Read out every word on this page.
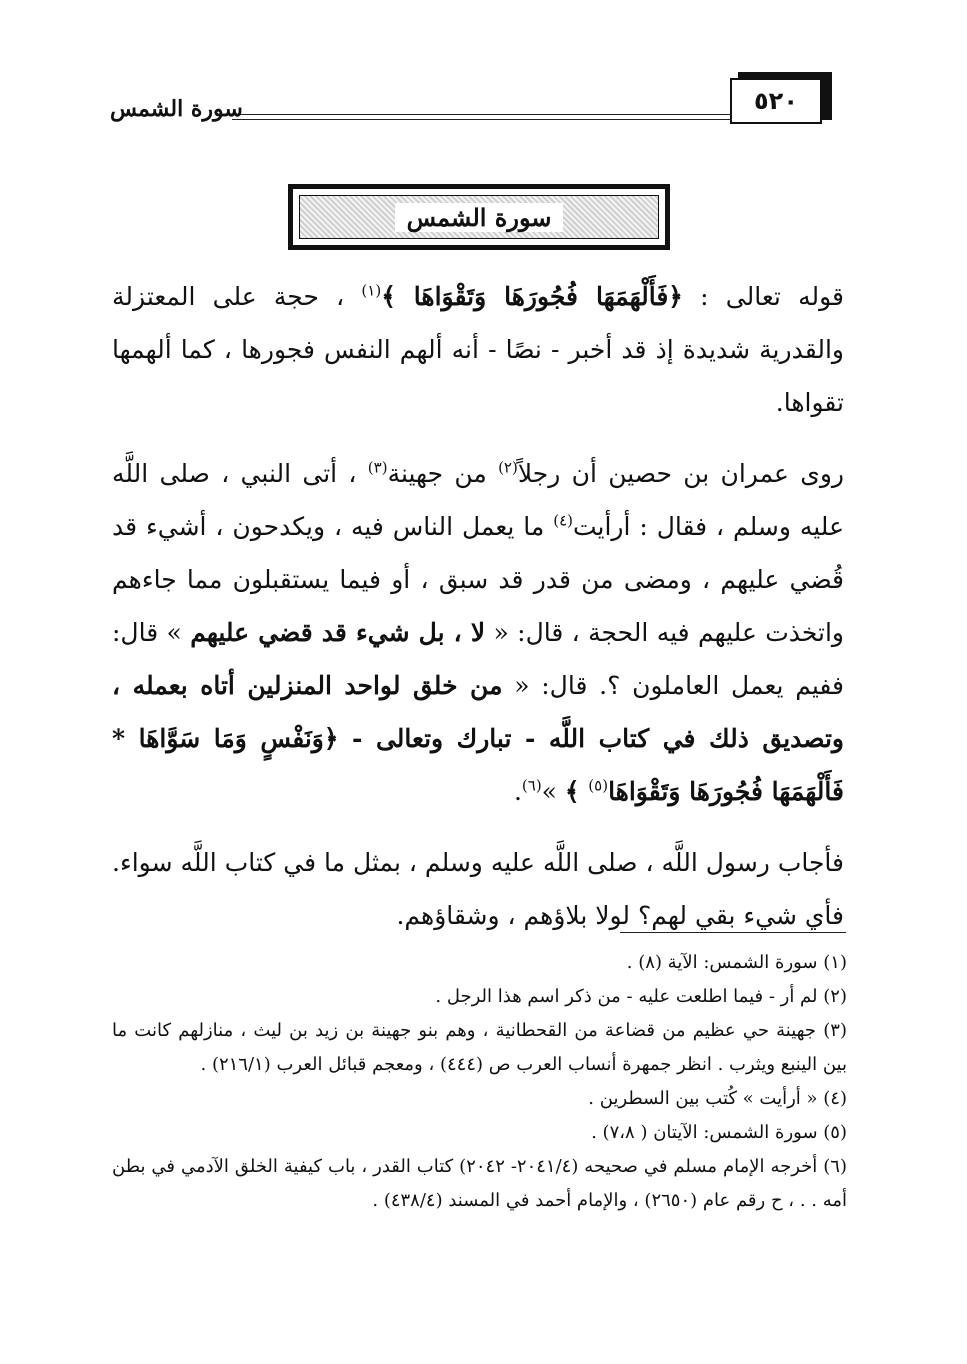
٥٢٠
سورة الشمس
سورة الشمس

قوله تعالى : ﴿فَأَلْهَمَهَا فُجُورَهَا وَتَقْوَاهَا ﴾$^{(١)}$ ، حجة على المعتزلة والقدرية شديدة إذ قد أخبر - نصًا - أنه ألهم النفس فجورها ، كما ألهمها تقواها.

روى عمران بن حصين أن رجلاً$^{(٢)}$ من جهينة$^{(٣)}$ ، أتى النبي ، صلى اللَّه عليه وسلم ، فقال : أرأيت$^{(٤)}$ ما يعمل الناس فيه ، ويكدحون ، أشيء قد قُضي عليهم ، ومضى من قدر قد سبق ، أو فيما يستقبلون مما جاءهم واتخذت عليهم فيه الحجة ، قال: « لا ، بل شيء قد قضي عليهم » قال: ففيم يعمل العاملون ؟. قال: « من خلق لواحد المنزلين أتاه بعمله ، وتصديق ذلك في كتاب اللَّه - تبارك وتعالى - ﴿وَنَفْسٍ وَمَا سَوَّاهَا * فَأَلْهَمَهَا فُجُورَهَا وَتَقْوَاهَا$^{(٥)}$ ﴾ »$^{(٦)}$.

فأجاب رسول اللَّه ، صلى اللَّه عليه وسلم ، بمثل ما في كتاب اللَّه سواء. فأي شيء بقي لهم؟ لولا بلاؤهم ، وشقاؤهم.

(١) سورة الشمس: الآية (٨) .

(٢) لم أر - فيما اطلعت عليه - من ذكر اسم هذا الرجل .

(٣) جهينة حي عظيم من قضاعة من القحطانية ، وهم بنو جهينة بن زيد بن ليث ، منازلهم كانت ما بين الينبع ويثرب . انظر جمهرة أنساب العرب ص (٤٤٤) ، ومعجم قبائل العرب (٢١٦/١) .

(٤) « أرأيت » كُتب بين السطرين .

(٥) سورة الشمس: الآيتان ( ٧،٨) .

(٦) أخرجه الإمام مسلم في صحيحه (٢٠٤١/٤- ٢٠٤٢) كتاب القدر ، باب كيفية الخلق الآدمي في بطن أمه . . ، ح رقم عام (٢٦٥٠) ، والإمام أحمد في المسند (٤٣٨/٤) .
